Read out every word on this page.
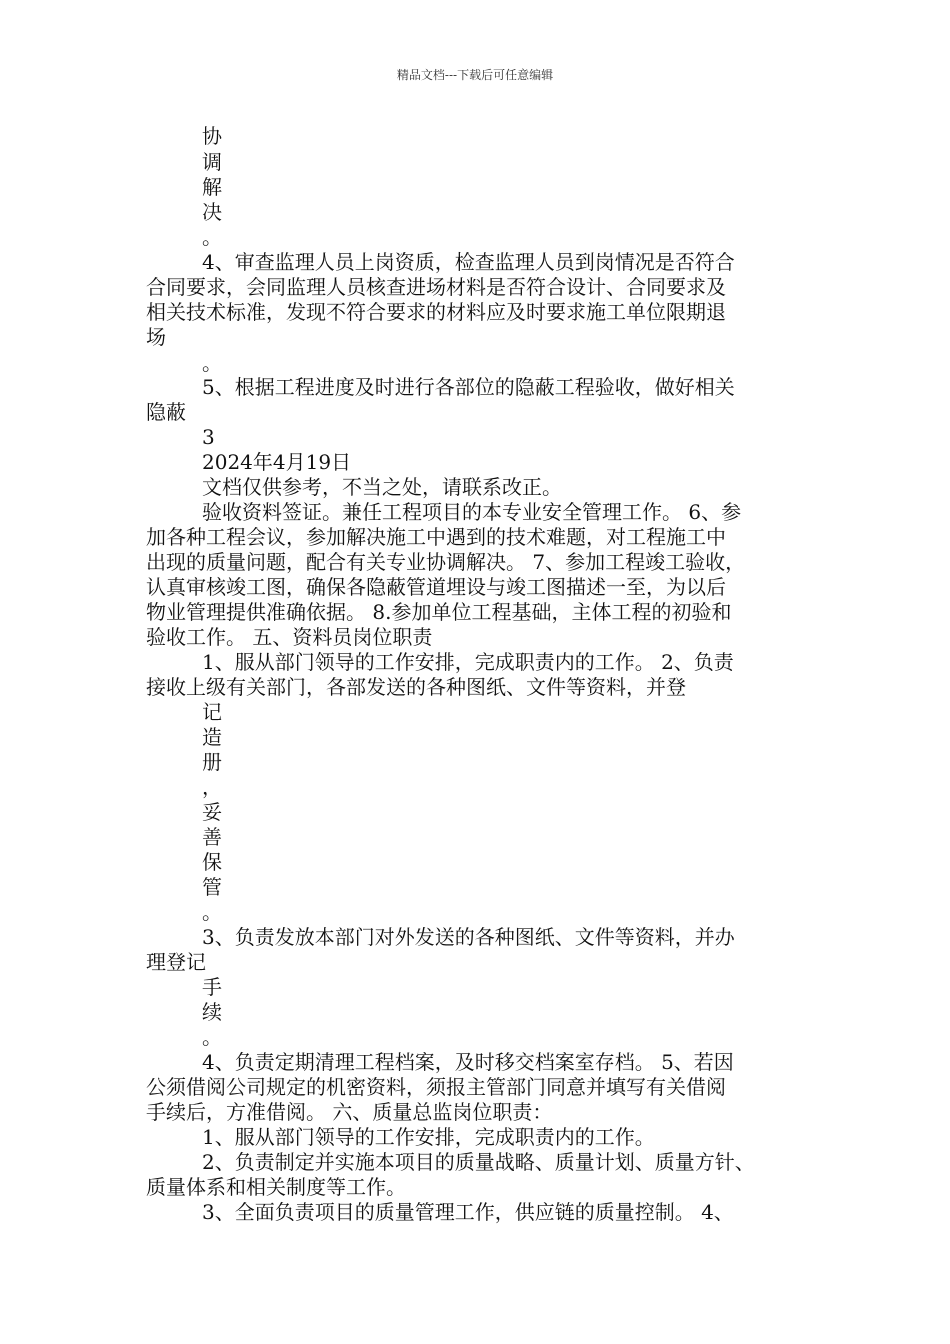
精品文档---下载后可任意编辑
协
调
解
决
。
4、审查监理人员上岗资质，检查监理人员到岗情况是否符合
合同要求，会同监理人员核查进场材料是否符合设计、合同要求及
相关技术标准，发现不符合要求的材料应及时要求施工单位限期退
场
。
5、根据工程进度及时进行各部位的隐蔽工程验收，做好相关
隐蔽
3
2024年4月19日
文档仅供参考，不当之处，请联系改正。
验收资料签证。兼任工程项目的本专业安全管理工作。 6、参
加各种工程会议，参加解决施工中遇到的技术难题，对工程施工中
出现的质量问题，配合有关专业协调解决。 7、参加工程竣工验收，
认真审核竣工图，确保各隐蔽管道埋设与竣工图描述一至，为以后
物业管理提供准确依据。 8.参加单位工程基础，主体工程的初验和
验收工作。 五、资料员岗位职责
1、服从部门领导的工作安排，完成职责内的工作。 2、负责
接收上级有关部门，各部发送的各种图纸、文件等资料，并登
记
造
册
，
妥
善
保
管
。
3、负责发放本部门对外发送的各种图纸、文件等资料，并办
理登记
手
续
。
4、负责定期清理工程档案，及时移交档案室存档。 5、若因
公须借阅公司规定的机密资料，须报主管部门同意并填写有关借阅
手续后，方准借阅。 六、质量总监岗位职责：
1、服从部门领导的工作安排，完成职责内的工作。
2、负责制定并实施本项目的质量战略、质量计划、质量方针、
质量体系和相关制度等工作。
3、全面负责项目的质量管理工作，供应链的质量控制。 4、
